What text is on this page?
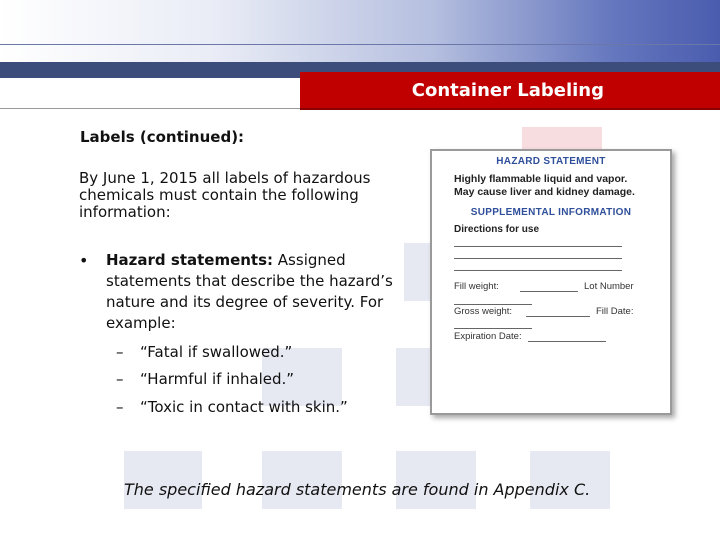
Container Labeling
Labels (continued):
By June 1, 2015 all labels of hazardous chemicals must contain the following information:
• Hazard statements: Assigned statements that describe the hazard’s nature and its degree of severity. For example:
– “Fatal if swallowed.”
– “Harmful if inhaled.”
– “Toxic in contact with skin.”
The specified hazard statements are found in Appendix C.
HAZARD STATEMENT
Highly flammable liquid and vapor.
May cause liver and kidney damage.
SUPPLEMENTAL INFORMATION
Directions for use
Fill weight:	Lot Number
Gross weight:	Fill Date:
Expiration Date:
